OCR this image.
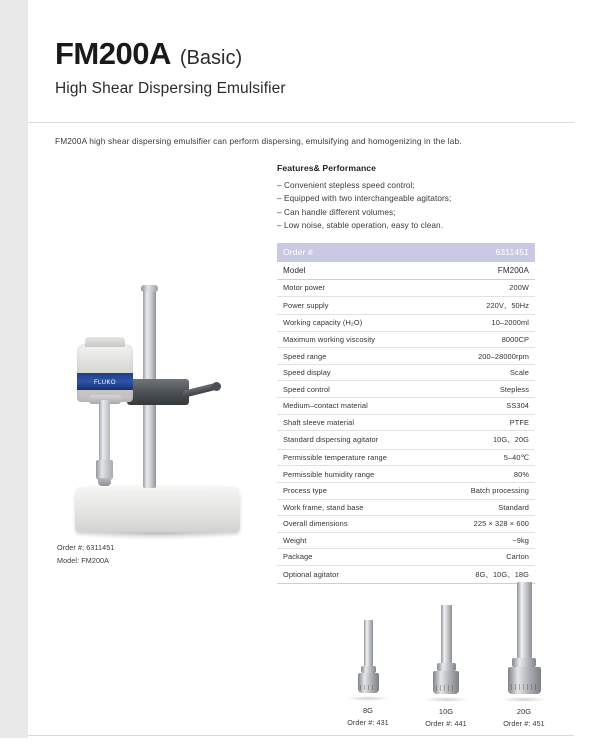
FM200A (Basic)
High Shear Dispersing Emulsifier
FM200A high shear dispersing emulsifier can perform dispersing, emulsifying and homogenizing in the lab.
Features& Performance
– Convenient stepless speed control;
– Equipped with two interchangeable agitators;
– Can handle different volumes;
– Low noise, stable operation, easy to clean.
Order #	6311451
Model	FM200A
Motor power	200W
Power supply	220V、50Hz
Working capacity (H₂O)	10–2000ml
Maximum working viscosity	8000CP
Speed range	200–28000rpm
Speed display	Scale
Speed control	Stepless
Medium–contact material	SS304
Shaft sleeve material	PTFE
Standard dispersing agitator	10G、20G
Permissible temperature range	5–40℃
Permissible humidity range	80%
Process type	Batch processing
Work frame, stand base	Standard
Overall dimensions	225 × 328 × 600
Weight	~9kg
Package	Carton
Optional agitator	8G、10G、18G
FLUKO
Order #: 6311451
Model: FM200A
8G
Order #: 431
10G
Order #: 441
20G
Order #: 451
